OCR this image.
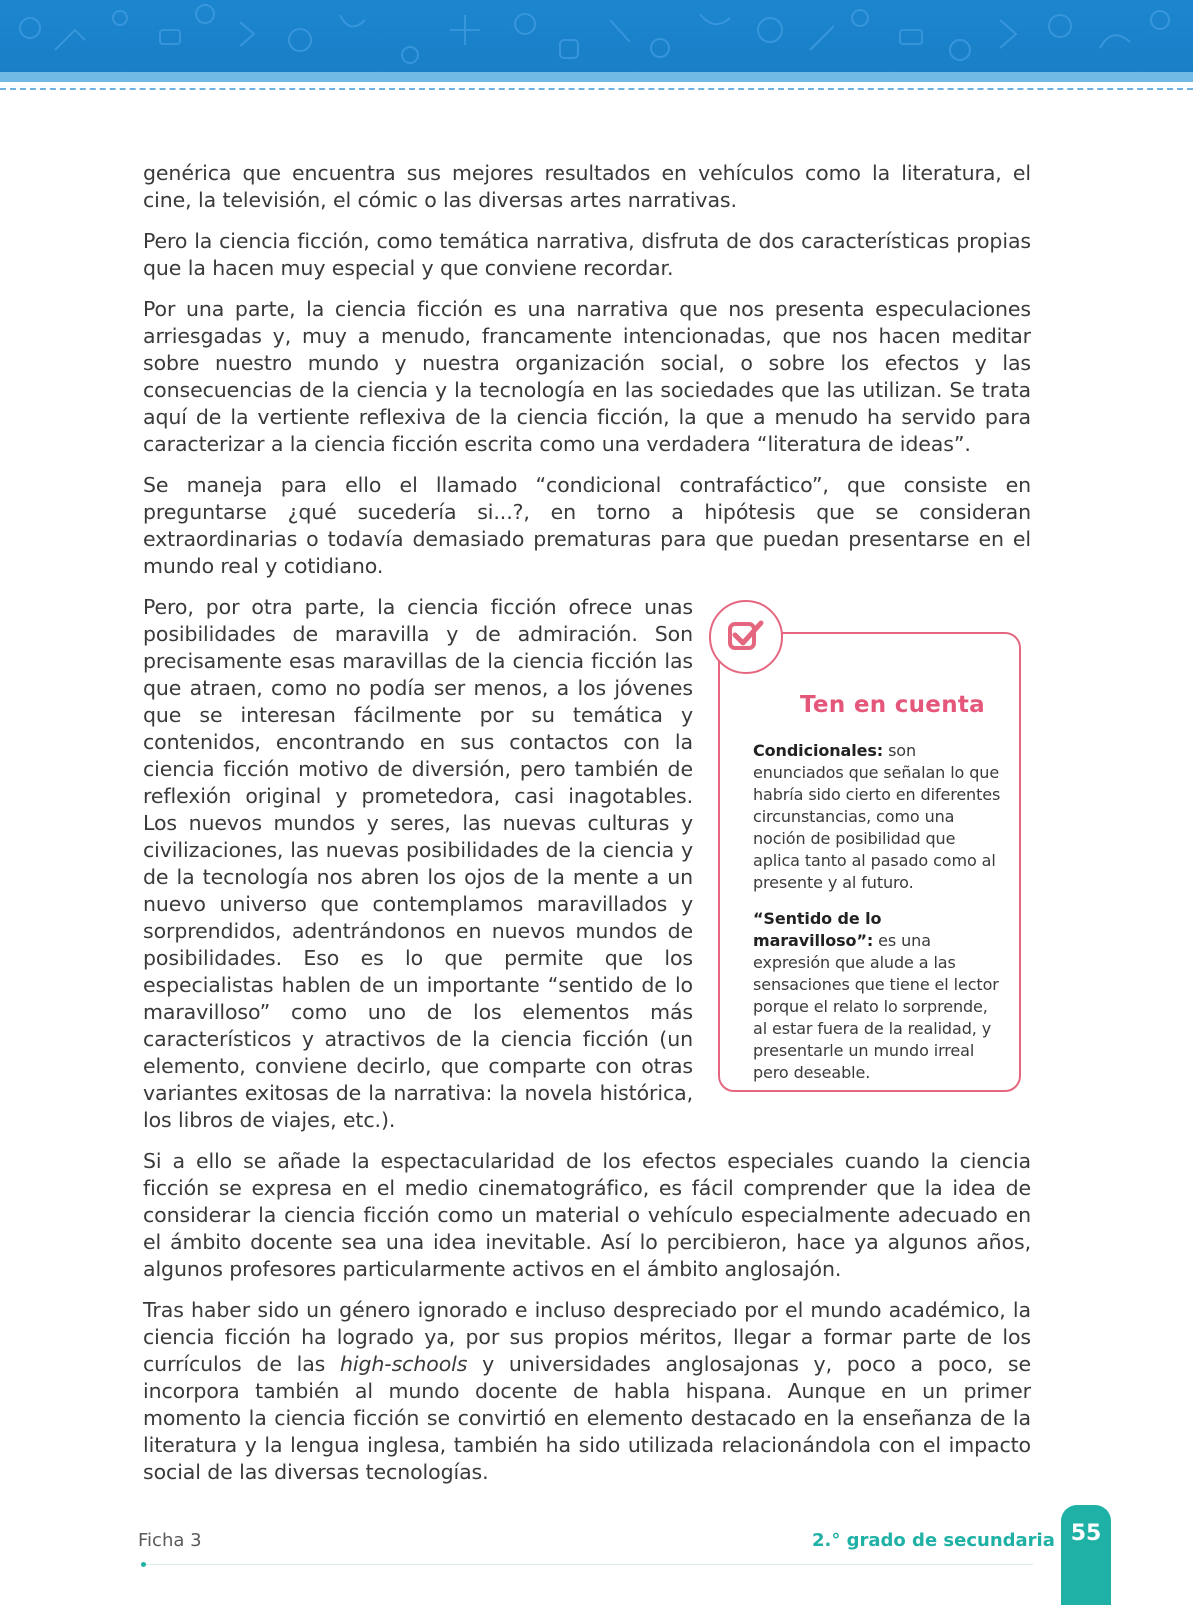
genérica que encuentra sus mejores resultados en vehículos como la literatura, el cine, la televisión, el cómic o las diversas artes narrativas.

Pero la ciencia ficción, como temática narrativa, disfruta de dos características propias que la hacen muy especial y que conviene recordar.

Por una parte, la ciencia ficción es una narrativa que nos presenta especulaciones arriesgadas y, muy a menudo, francamente intencionadas, que nos hacen meditar sobre nuestro mundo y nuestra organización social, o sobre los efectos y las consecuencias de la ciencia y la tecnología en las sociedades que las utilizan. Se trata aquí de la vertiente reflexiva de la ciencia ficción, la que a menudo ha servido para caracterizar a la ciencia ficción escrita como una verdadera “literatura de ideas”.

Se maneja para ello el llamado “condicional contrafáctico”, que consiste en preguntarse ¿qué sucedería si...?, en torno a hipótesis que se consideran extraordinarias o todavía demasiado prematuras para que puedan presentarse en el mundo real y cotidiano.

Pero, por otra parte, la ciencia ficción ofrece unas posibilidades de maravilla y de admiración. Son precisamente esas maravillas de la ciencia ficción las que atraen, como no podía ser menos, a los jóvenes que se interesan fácilmente por su temática y contenidos, encontrando en sus contactos con la ciencia ficción motivo de diversión, pero también de reflexión original y prometedora, casi inagotables. Los nuevos mundos y seres, las nuevas culturas y civilizaciones, las nuevas posibilidades de la ciencia y de la tecnología nos abren los ojos de la mente a un nuevo universo que contemplamos maravillados y sorprendidos, adentrándonos en nuevos mundos de posibilidades. Eso es lo que permite que los especialistas hablen de un importante “sentido de lo maravilloso” como uno de los elementos más característicos y atractivos de la ciencia ficción (un elemento, conviene decirlo, que comparte con otras variantes exitosas de la narrativa: la novela histórica, los libros de viajes, etc.).

Ten en cuenta

Condicionales: son enunciados que señalan lo que habría sido cierto en diferentes circunstancias, como una noción de posibilidad que aplica tanto al pasado como al presente y al futuro.

“Sentido de lo maravilloso”: es una expresión que alude a las sensaciones que tiene el lector porque el relato lo sorprende, al estar fuera de la realidad, y presentarle un mundo irreal pero deseable.

Si a ello se añade la espectacularidad de los efectos especiales cuando la ciencia ficción se expresa en el medio cinematográfico, es fácil comprender que la idea de considerar la ciencia ficción como un material o vehículo especialmente adecuado en el ámbito docente sea una idea inevitable. Así lo percibieron, hace ya algunos años, algunos profesores particularmente activos en el ámbito anglosajón.

Tras haber sido un género ignorado e incluso despreciado por el mundo académico, la ciencia ficción ha logrado ya, por sus propios méritos, llegar a formar parte de los currículos de las high-schools y universidades anglosajonas y, poco a poco, se incorpora también al mundo docente de habla hispana. Aunque en un primer momento la ciencia ficción se convirtió en elemento destacado en la enseñanza de la literatura y la lengua inglesa, también ha sido utilizada relacionándola con el impacto social de las diversas tecnologías.

Ficha 3	2.° grado de secundaria 55
